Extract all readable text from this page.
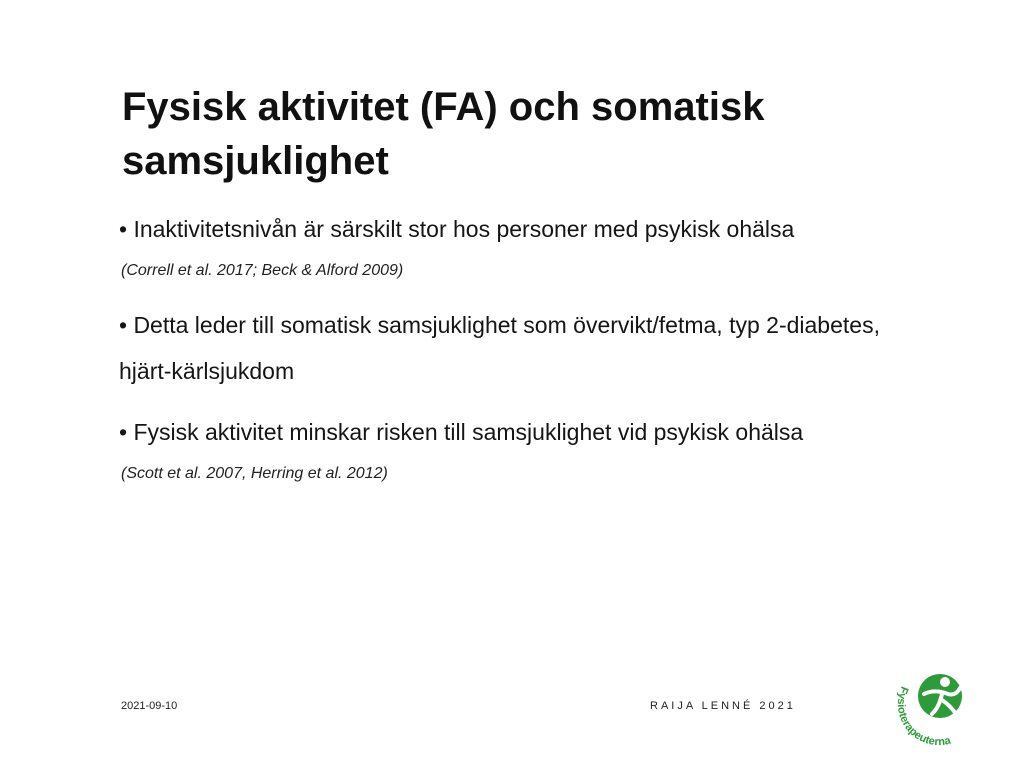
Fysisk aktivitet (FA) och somatisk samsjuklighet

• Inaktivitetsnivån är särskilt stor hos personer med psykisk ohälsa

(Correll et al. 2017; Beck & Alford 2009)

• Detta leder till somatisk samsjuklighet som övervikt/fetma, typ 2-diabetes, hjärt-kärlsjukdom

• Fysisk aktivitet minskar risken till samsjuklighet vid psykisk ohälsa

(Scott et al. 2007, Herring et al. 2012)

2021-09-10	RAIJA LENNÉ 2021
Fysioterapeuterna
